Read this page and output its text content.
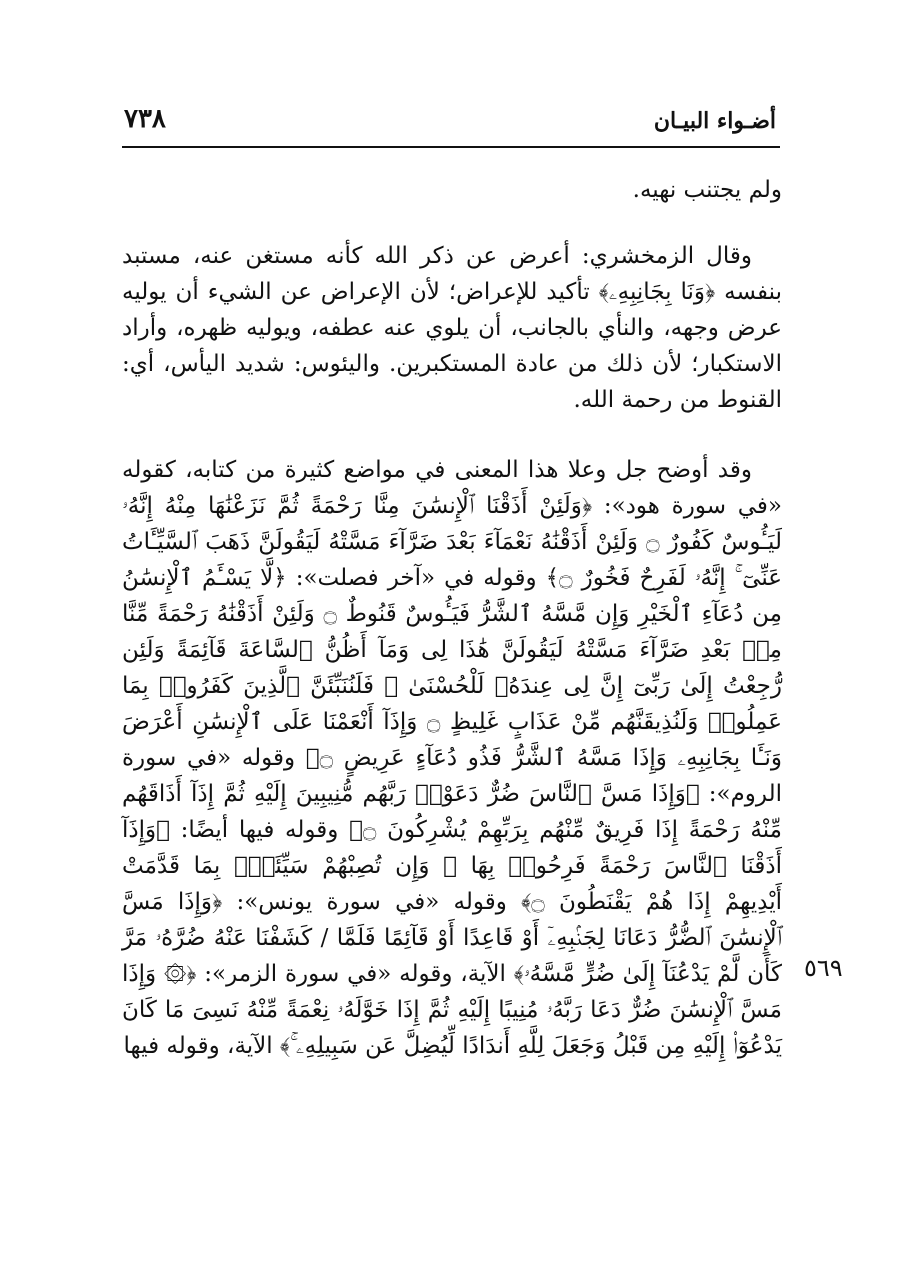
أضـواء البيـان
٧٣٨

ولم يجتنب نهيه.

وقال الزمخشري: أعرض عن ذكر الله كأنه مستغن عنه، مستبد بنفسه ﴿وَنَا بِجَانِبِهِۦ﴾ تأكيد للإعراض؛ لأن الإعراض عن الشيء أن يوليه عرض وجهه، والنأي بالجانب، أن يلوي عنه عطفه، ويوليه ظهره، وأراد الاستكبار؛ لأن ذلك من عادة المستكبرين. واليئوس: شديد اليأس، أي: القنوط من رحمة الله.

وقد أوضح جل وعلا هذا المعنى في مواضع كثيرة من كتابه، كقوله «في سورة هود»: ﴿وَلَئِنْ أَذَقْنَا ٱلْإِنسَٰنَ مِنَّا رَحْمَةً ثُمَّ نَزَعْنَٰهَا مِنْهُ إِنَّهُۥ لَيَـُٔوسٌ كَفُورٌ ۝ وَلَئِنْ أَذَقْنَٰهُ نَعْمَآءَ بَعْدَ ضَرَّآءَ مَسَّتْهُ لَيَقُولَنَّ ذَهَبَ ٱلسَّيِّـَٔاتُ عَنِّىٓ ۚ إِنَّهُۥ لَفَرِحٌ فَخُورٌ ۝﴾ وقوله في «آخر فصلت»: ﴿لَّا يَسْـَٔمُ ٱلْإِنسَٰنُ مِن دُعَآءِ ٱلْخَيْرِ وَإِن مَّسَّهُ ٱلشَّرُّ فَيَـُٔوسٌ قَنُوطٌ ۝ وَلَئِنْ أَذَقْنَٰهُ رَحْمَةً مِّنَّا مِنۢ بَعْدِ ضَرَّآءَ مَسَّتْهُ لَيَقُولَنَّ هَٰذَا لِى وَمَآ أَظُنُّ ٱلسَّاعَةَ قَآئِمَةً وَلَئِن رُّجِعْتُ إِلَىٰ رَبِّىٓ إِنَّ لِى عِندَهُۥ لَلْحُسْنَىٰ ۚ فَلَنُنَبِّئَنَّ ٱلَّذِينَ كَفَرُوا۟ بِمَا عَمِلُوا۟ وَلَنُذِيقَنَّهُم مِّنْ عَذَابٍ غَلِيظٍ ۝ وَإِذَآ أَنْعَمْنَا عَلَى ٱلْإِنسَٰنِ أَعْرَضَ وَنَـَٔا بِجَانِبِهِۦ وَإِذَا مَسَّهُ ٱلشَّرُّ فَذُو دُعَآءٍ عَرِيضٍ ۝﴾ وقوله «في سورة الروم»: ﴿وَإِذَا مَسَّ ٱلنَّاسَ ضُرٌّ دَعَوْا۟ رَبَّهُم مُّنِيبِينَ إِلَيْهِ ثُمَّ إِذَآ أَذَاقَهُم مِّنْهُ رَحْمَةً إِذَا فَرِيقٌ مِّنْهُم بِرَبِّهِمْ يُشْرِكُونَ ۝﴾ وقوله فيها أيضًا: ﴿وَإِذَآ أَذَقْنَا ٱلنَّاسَ رَحْمَةً فَرِحُوا۟ بِهَا ۖ وَإِن تُصِبْهُمْ سَيِّئَةٌۢ بِمَا قَدَّمَتْ أَيْدِيهِمْ إِذَا هُمْ يَقْنَطُونَ ۝﴾ وقوله «في سورة يونس»: ﴿وَإِذَا مَسَّ ٱلْإِنسَٰنَ ٱلضُّرُّ دَعَانَا لِجَنۢبِهِۦٓ أَوْ قَاعِدًا أَوْ قَآئِمًا فَلَمَّا / كَشَفْنَا عَنْهُ ضُرَّهُۥ مَرَّ كَأَن لَّمْ يَدْعُنَآ إِلَىٰ ضُرٍّ مَّسَّهُۥ﴾ الآية، وقوله «في سورة الزمر»: ﴿۞ وَإِذَا مَسَّ ٱلْإِنسَٰنَ ضُرٌّ دَعَا رَبَّهُۥ مُنِيبًا إِلَيْهِ ثُمَّ إِذَا خَوَّلَهُۥ نِعْمَةً مِّنْهُ نَسِىَ مَا كَانَ يَدْعُوٓا۟ إِلَيْهِ مِن قَبْلُ وَجَعَلَ لِلَّهِ أَندَادًا لِّيُضِلَّ عَن سَبِيلِهِۦ ۚ﴾ الآية، وقوله فيها

٥٦٩
